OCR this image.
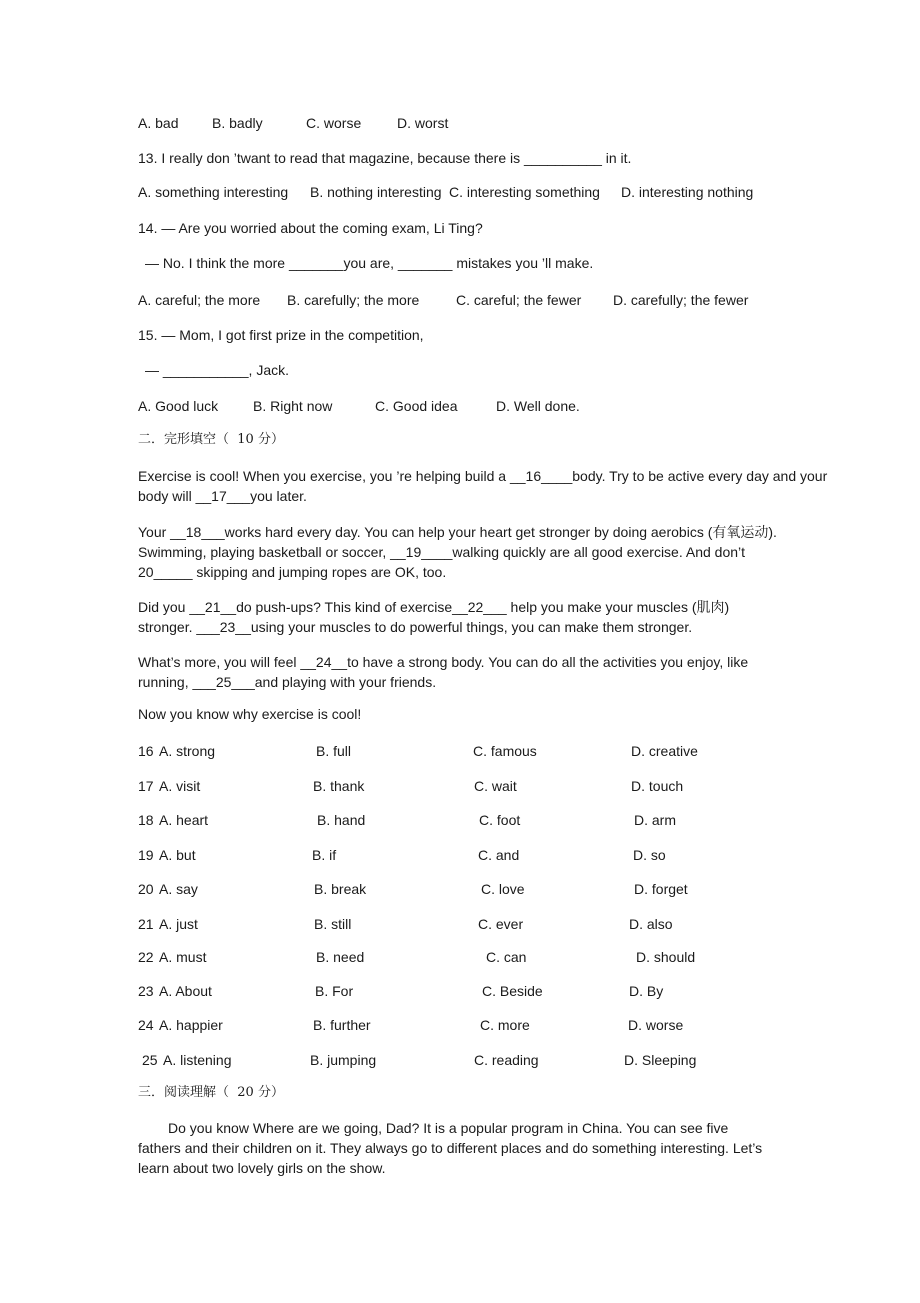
A. bad B. badly	C. worse	D. worst
13. I really don ’twant to read that magazine, because there is __________ in it.
A. something interesting B. nothing interesting C. interesting something D. interesting nothing
14. — Are you worried about the coming exam, Li Ting?
— No. I think the more _______you are, _______ mistakes you ’ll make.
A. careful; the more B. carefully; the more	C. careful; the fewer D. carefully; the fewer
15. — Mom, I got first prize in the competition,
— ___________, Jack.
A. Good luck B. Right now	C. Good idea	D. Well done.
二．完形填空（  10 分）
Exercise is cool! When you exercise, you ’re helping build a __16____body. Try to be active every day and your body will __17___you later.
Your __18___works hard every day. You can help your heart get stronger by doing aerobics (有氧运动). Swimming, playing basketball or soccer, __19____walking quickly are all good exercise. And don’t 20_____ skipping and jumping ropes are OK, too.
Did you __21__do push-ups? This kind of exercise__22___ help you make your muscles (肌肉) stronger. ___23__using your muscles to do powerful things, you can make them stronger.
What’s more, you will feel __24__to have a strong body. You can do all the activities you enjoy, like running, ___25___and playing with your friends.
Now you know why exercise is cool!
16 A. strong	B. full	C. famous	D. creative
17 A. visit	B. thank	C. wait	D. touch
18 A. heart	B. hand	C. foot	D. arm
19 A. but	B. if	C. and	D. so
20 A. say	B. break	C. love	D. forget
21 A. just	B. still	C. ever	D. also
22 A. must	B. need	C. can	D. should
23 A. About	B. For	C. Beside	D. By
24 A. happier	B. further	C. more	D. worse
25 A. listening	B. jumping	C. reading	D. Sleeping
三．阅读理解（  20 分）
Do you know Where are we going, Dad? It is a popular program in China. You can see five fathers and their children on it. They always go to different places and do something interesting. Let’s learn about two lovely girls on the show.
